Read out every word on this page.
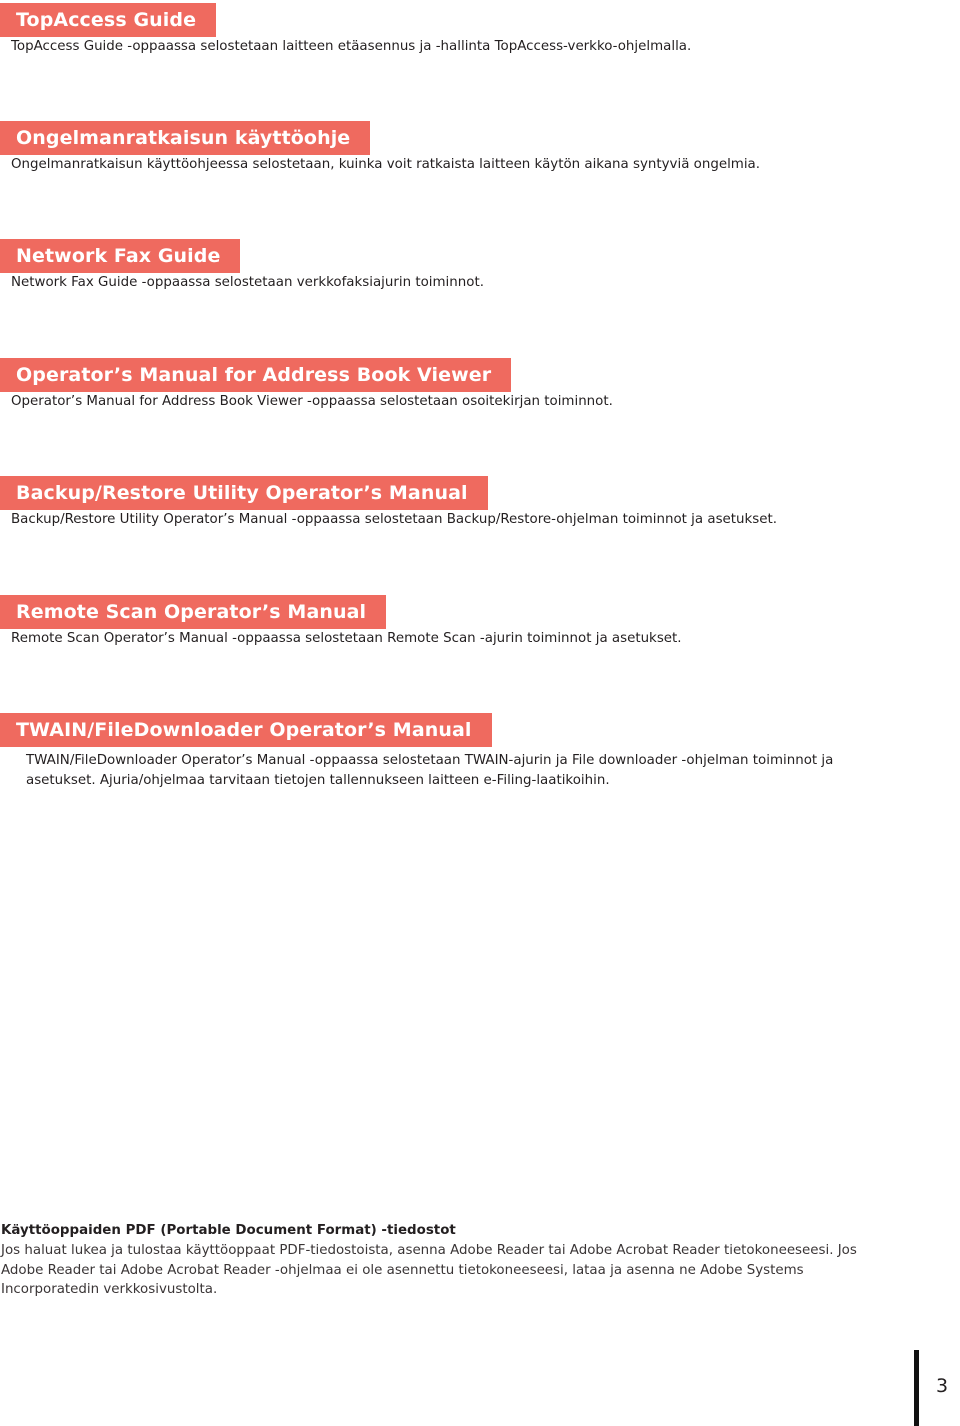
TopAccess Guide

TopAccess Guide -oppaassa selostetaan laitteen etäasennus ja -hallinta TopAccess-verkko-ohjelmalla.

Ongelmanratkaisun käyttöohje

Ongelmanratkaisun käyttöohjeessa selostetaan, kuinka voit ratkaista laitteen käytön aikana syntyviä ongelmia.

Network Fax Guide

Network Fax Guide -oppaassa selostetaan verkkofaksiajurin toiminnot.

Operator’s Manual for Address Book Viewer

Operator’s Manual for Address Book Viewer -oppaassa selostetaan osoitekirjan toiminnot.

Backup/Restore Utility Operator’s Manual

Backup/Restore Utility Operator’s Manual -oppaassa selostetaan Backup/Restore-ohjelman toiminnot ja asetukset.

Remote Scan Operator’s Manual

Remote Scan Operator’s Manual -oppaassa selostetaan Remote Scan -ajurin toiminnot ja asetukset.

TWAIN/FileDownloader Operator’s Manual

TWAIN/FileDownloader Operator’s Manual -oppaassa selostetaan TWAIN-ajurin ja File downloader -ohjelman toiminnot ja asetukset. Ajuria/ohjelmaa tarvitaan tietojen tallennukseen laitteen e-Filing-laatikoihin.

Käyttöoppaiden PDF (Portable Document Format) -tiedostot

Jos haluat lukea ja tulostaa käyttöoppaat PDF-tiedostoista, asenna Adobe Reader tai Adobe Acrobat Reader tietokoneeseesi. Jos Adobe Reader tai Adobe Acrobat Reader -ohjelmaa ei ole asennettu tietokoneeseesi, lataa ja asenna ne Adobe Systems Incorporatedin verkkosivustolta.

3
